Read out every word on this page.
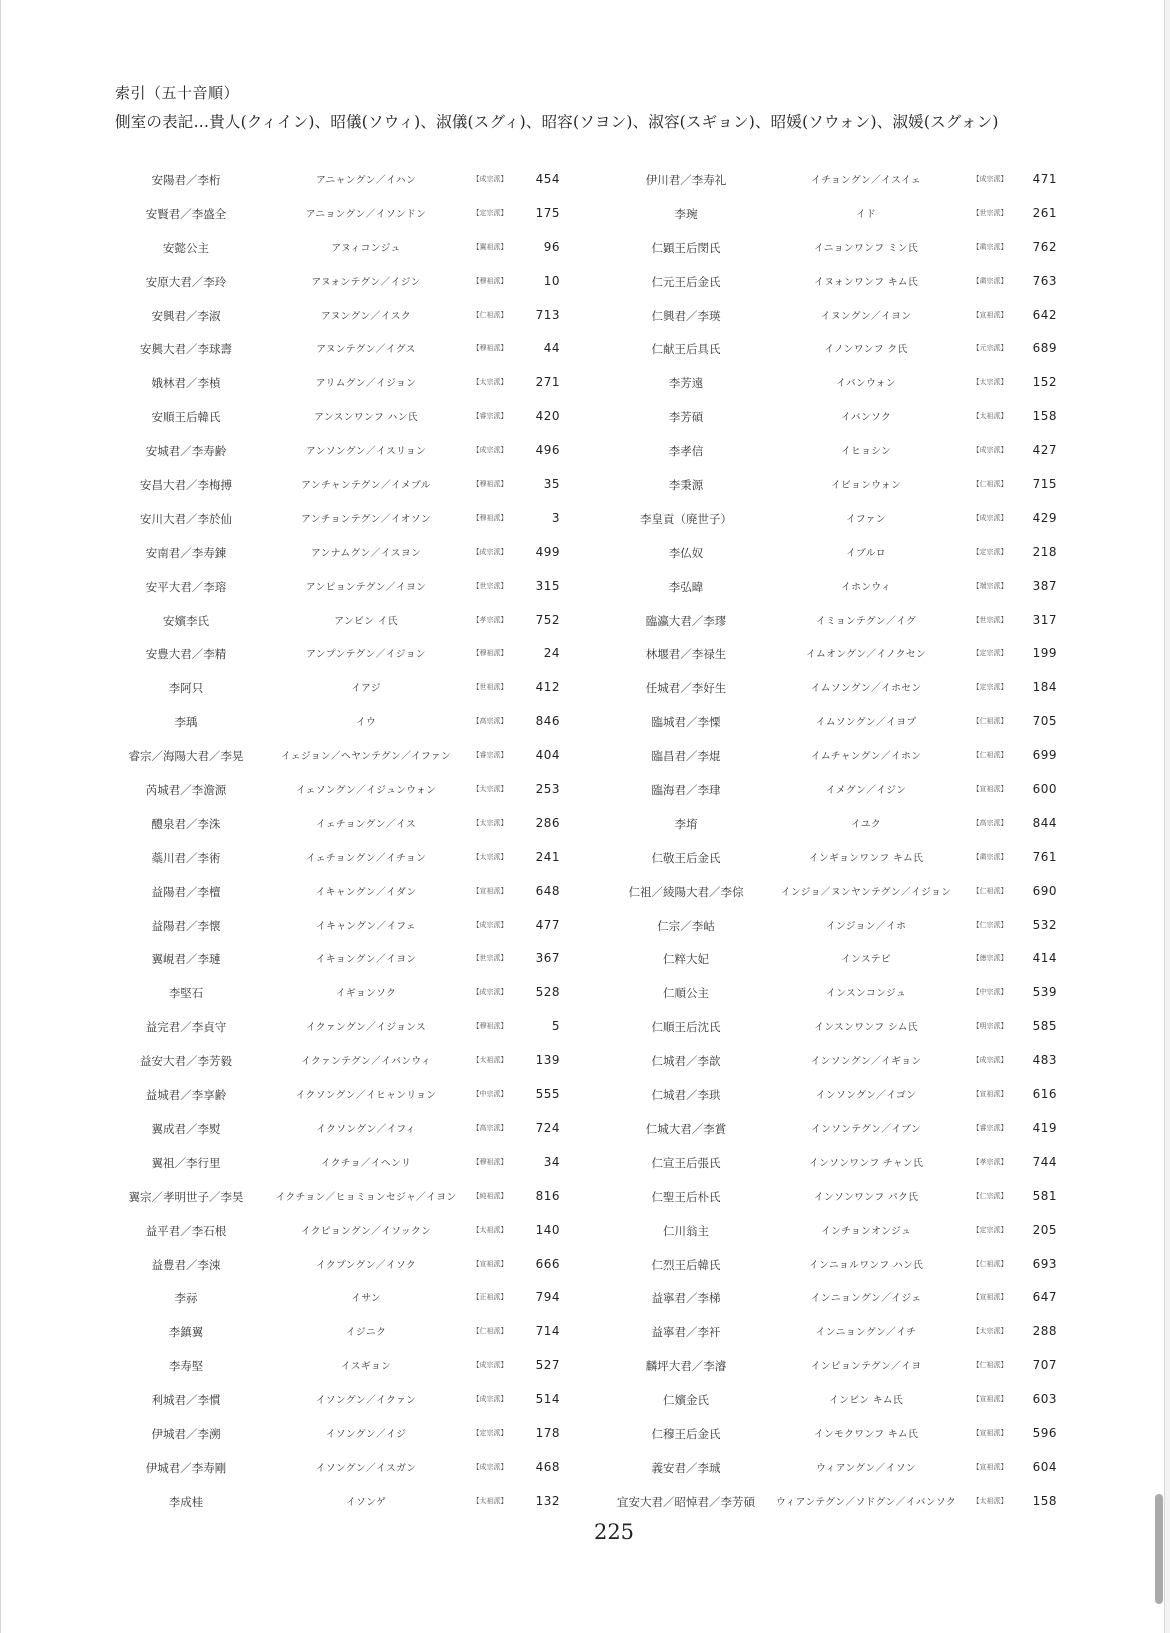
索引（五十音順）
側室の表記…貴人(クィイン)、昭儀(ソウィ)、淑儀(スグィ)、昭容(ソヨン)、淑容(スギョン)、昭媛(ソウォン)、淑媛(スグォン)
安陽君／李桁	アニャングン／イハン	【成宗派】	454
安賢君／李盛全	アニョングン／イソンドン	【定宗派】	175
安懿公主	アヌィコンジュ	【翼祖派】	96
安原大君／李玲	アヌォンテグン／イジン	【穆祖派】	10
安興君／李淑	アヌングン／イスク	【仁祖派】	713
安興大君／李球壽	アヌンテグン／イグス	【穆祖派】	44
娥林君／李楨	アリムグン／イジョン	【太宗派】	271
安順王后韓氏	アンスンワンフ ハン氏	【睿宗派】	420
安城君／李寿齢	アンソングン／イスリョン	【成宗派】	496
安昌大君／李梅搏	アンチャンテグン／イメブル	【穆祖派】	35
安川大君／李於仙	アンチョンテグン／イオソン	【穆祖派】	3
安南君／李寿錬	アンナムグン／イスヨン	【成宗派】	499
安平大君／李瑢	アンピョンテグン／イヨン	【世宗派】	315
安嬪李氏	アンビン イ氏	【孝宗派】	752
安豊大君／李精	アンプンテグン／イジョン	【穆祖派】	24
李阿只	イアジ	【世祖派】	412
李瑀	イウ	【高宗派】	846
睿宗／海陽大君／李晃	イェジョン／ヘヤンテグン／イファン	【睿宗派】	404
芮城君／李澹源	イェソングン／イジュンウォン	【太宗派】	253
醴泉君／李洙	イェチョングン／イス	【太宗派】	286
蘂川君／李術	イェチョングン／イチョン	【太宗派】	241
益陽君／李檀	イキャングン／イダン	【宣祖派】	648
益陽君／李懐	イキャングン／イフェ	【成宗派】	477
翼峴君／李璉	イキョングン／イヨン	【世宗派】	367
李堅石	イギョンソク	【成宗派】	528
益完君／李貞守	イクァングン／イジョンス	【穆祖派】	5
益安大君／李芳毅	イクァンテグン／イバンウィ	【太祖派】	139
益城君／李享齢	イクソングン／イヒャンリョン	【中宗派】	555
翼成君／李熨	イクソングン／イフィ	【高宗派】	724
翼祖／李行里	イクチョ／イヘンリ	【穆祖派】	34
翼宗／孝明世子／李昊	イクチョン／ヒョミョンセジャ／イヨン	【純祖派】	816
益平君／李石根	イクピョングン／イソックン	【太祖派】	140
益豊君／李涑	イクプングン／イソク	【宣祖派】	666
李祘	イサン	【正祖派】	794
李鎮翼	イジニク	【仁祖派】	714
李寿堅	イスギョン	【成宗派】	527
利城君／李慣	イソングン／イクァン	【成宗派】	514
伊城君／李溯	イソングン／イジ	【定宗派】	178
伊城君／李寿剛	イソングン／イスガン	【成宗派】	468
李成桂	イソンゲ	【太祖派】	132
伊川君／李寿礼	イチョングン／イスイェ	【成宗派】	471
李琬	イド	【世宗派】	261
仁顕王后閔氏	イニョンワンフ ミン氏	【粛宗派】	762
仁元王后金氏	イヌォンワンフ キム氏	【粛宗派】	763
仁興君／李瑛	イヌングン／イヨン	【宣祖派】	642
仁献王后具氏	イノンワンフ ク氏	【元宗派】	689
李芳遠	イバンウォン	【太宗派】	152
李芳碩	イバンソク	【太祖派】	158
李孝信	イヒョシン	【成宗派】	427
李秉源	イビョンウォン	【仁祖派】	715
李皇貢（廃世子）	イファン	【成宗派】	429
李仏奴	イブルロ	【定宗派】	218
李弘暐	イホンウィ	【端宗派】	387
臨瀛大君／李璆	イミョンテグン／イグ	【世宗派】	317
林堰君／李禄生	イムオングン／イノクセン	【定宗派】	199
任城君／李好生	イムソングン／イホセン	【定宗派】	184
臨城君／李慄	イムソングン／イヨプ	【仁祖派】	705
臨昌君／李焜	イムチャングン／イホン	【仁祖派】	699
臨海君／李珒	イメグン／イジン	【宣祖派】	600
李堉	イユク	【高宗派】	844
仁敬王后金氏	インギョンワンフ キム氏	【粛宗派】	761
仁祖／綾陽大君／李倧	インジョ／ヌンヤンテグン／イジョン	【仁祖派】	690
仁宗／李岵	インジョン／イホ	【仁宗派】	532
仁粹大妃	インステビ	【徳宗派】	414
仁順公主	インスンコンジュ	【中宗派】	539
仁順王后沈氏	インスンワンフ シム氏	【明宗派】	585
仁城君／李歆	インソングン／イギョン	【成宗派】	483
仁城君／李珙	インソングン／イゴン	【宣祖派】	616
仁城大君／李賞	インソンテグン／イブン	【睿宗派】	419
仁宣王后張氏	インソンワンフ チャン氏	【孝宗派】	744
仁聖王后朴氏	インソンワンフ パク氏	【仁宗派】	581
仁川翁主	インチョンオンジュ	【定宗派】	205
仁烈王后韓氏	インニョルワンフ ハン氏	【仁祖派】	693
益寧君／李梯	インニョングン／イジェ	【宣祖派】	647
益寧君／李衦	インニョングン／イチ	【太宗派】	288
麟坪大君／李濬	インピョンテグン／イヨ	【仁祖派】	707
仁嬪金氏	インビン キム氏	【宣祖派】	603
仁穆王后金氏	インモクワンフ キム氏	【宣祖派】	596
義安君／李珹	ウィアングン／イソン	【宣祖派】	604
宜安大君／昭悼君／李芳碩	ウィアンテグン／ソドグン／イバンソク	【太祖派】	158
225
